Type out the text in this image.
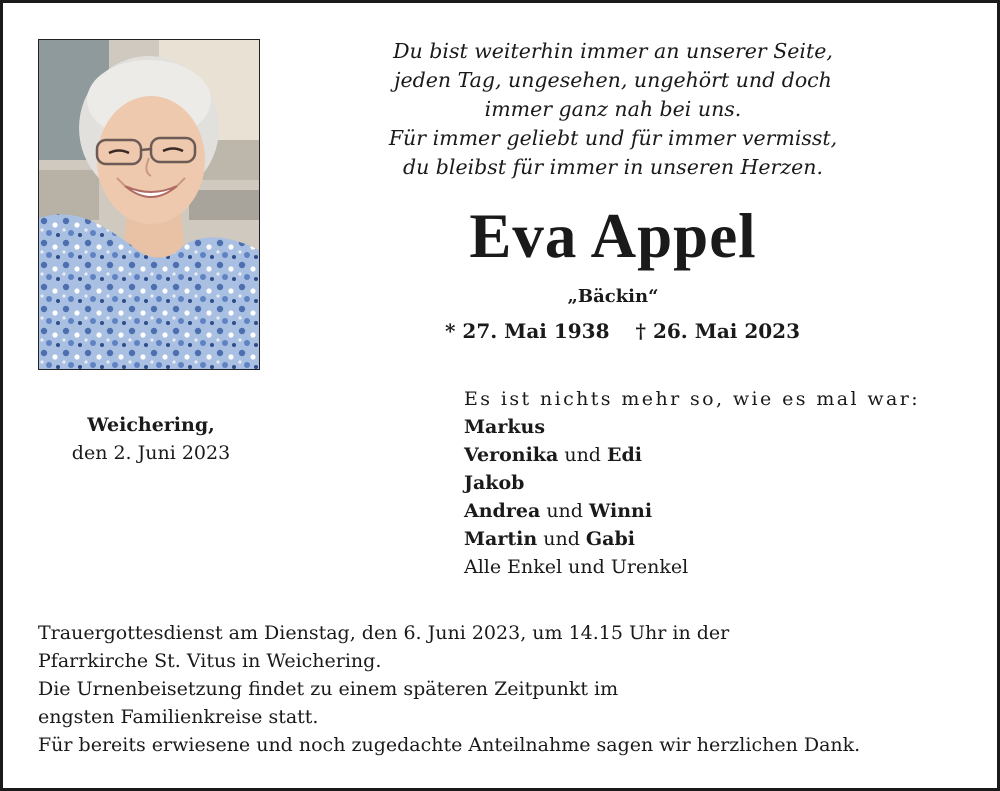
Du bist weiterhin immer an unserer Seite,
jeden Tag, ungesehen, ungehört und doch
immer ganz nah bei uns.
Für immer geliebt und für immer vermisst,
du bleibst für immer in unseren Herzen.
Eva Appel
„Bäckin“
* 27. Mai 1938 † 26. Mai 2023
Weichering,
den 2. Juni 2023
Es ist nichts mehr so, wie es mal war:
Markus
Veronika und Edi
Jakob
Andrea und Winni
Martin und Gabi
Alle Enkel und Urenkel
Trauergottesdienst am Dienstag, den 6. Juni 2023, um 14.15 Uhr in der
Pfarrkirche St. Vitus in Weichering.
Die Urnenbeisetzung findet zu einem späteren Zeitpunkt im
engsten Familienkreise statt.
Für bereits erwiesene und noch zugedachte Anteilnahme sagen wir herzlichen Dank.
